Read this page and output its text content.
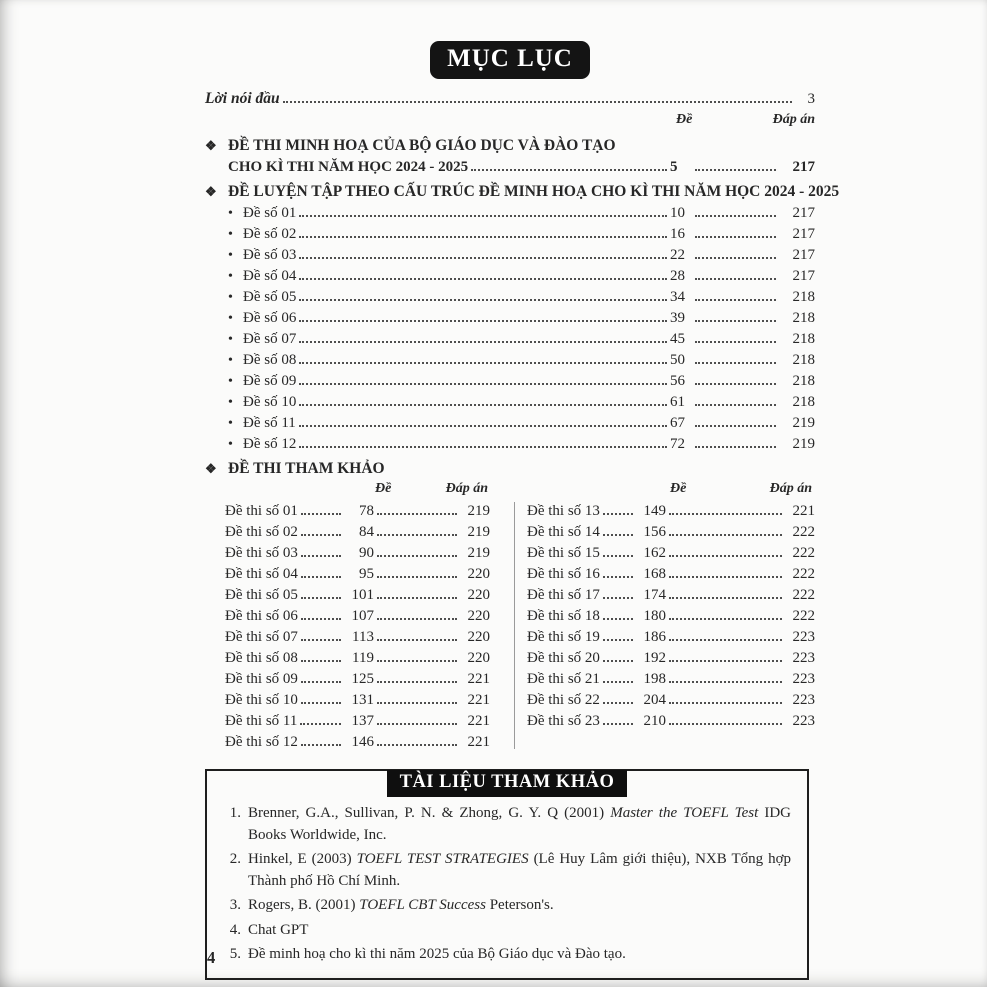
MỤC LỤC
Lời nói đầu	3
Đề	Đáp án
❖ ĐỀ THI MINH HOẠ CỦA BỘ GIÁO DỤC VÀ ĐÀO TẠO
CHO KÌ THI NĂM HỌC 2024 - 2025	5	217
❖ ĐỀ LUYỆN TẬP THEO CẤU TRÚC ĐỀ MINH HOẠ CHO KÌ THI NĂM HỌC 2024 - 2025
• Đề số 01	10	217
• Đề số 02	16	217
• Đề số 03	22	217
• Đề số 04	28	217
• Đề số 05	34	218
• Đề số 06	39	218
• Đề số 07	45	218
• Đề số 08	50	218
• Đề số 09	56	218
• Đề số 10	61	218
• Đề số 11	67	219
• Đề số 12	72	219
❖ ĐỀ THI THAM KHẢO
Đề	Đáp án
Đề thi số 01	78	219
Đề thi số 02	84	219
Đề thi số 03	90	219
Đề thi số 04	95	220
Đề thi số 05	101	220
Đề thi số 06	107	220
Đề thi số 07	113	220
Đề thi số 08	119	220
Đề thi số 09	125	221
Đề thi số 10	131	221
Đề thi số 11	137	221
Đề thi số 12	146	221
Đề	Đáp án
Đề thi số 13	149	221
Đề thi số 14	156	222
Đề thi số 15	162	222
Đề thi số 16	168	222
Đề thi số 17	174	222
Đề thi số 18	180	222
Đề thi số 19	186	223
Đề thi số 20	192	223
Đề thi số 21	198	223
Đề thi số 22	204	223
Đề thi số 23	210	223
TÀI LIỆU THAM KHẢO
1. Brenner, G.A., Sullivan, P. N. & Zhong, G. Y. Q (2001) Master the TOEFL Test IDG Books Worldwide, Inc.
2. Hinkel, E (2003) TOEFL TEST STRATEGIES (Lê Huy Lâm giới thiệu), NXB Tổng hợp Thành phố Hồ Chí Minh.
3. Rogers, B. (2001) TOEFL CBT Success Peterson's.
4. Chat GPT
5. Đề minh hoạ cho kì thi năm 2025 của Bộ Giáo dục và Đào tạo.
4
